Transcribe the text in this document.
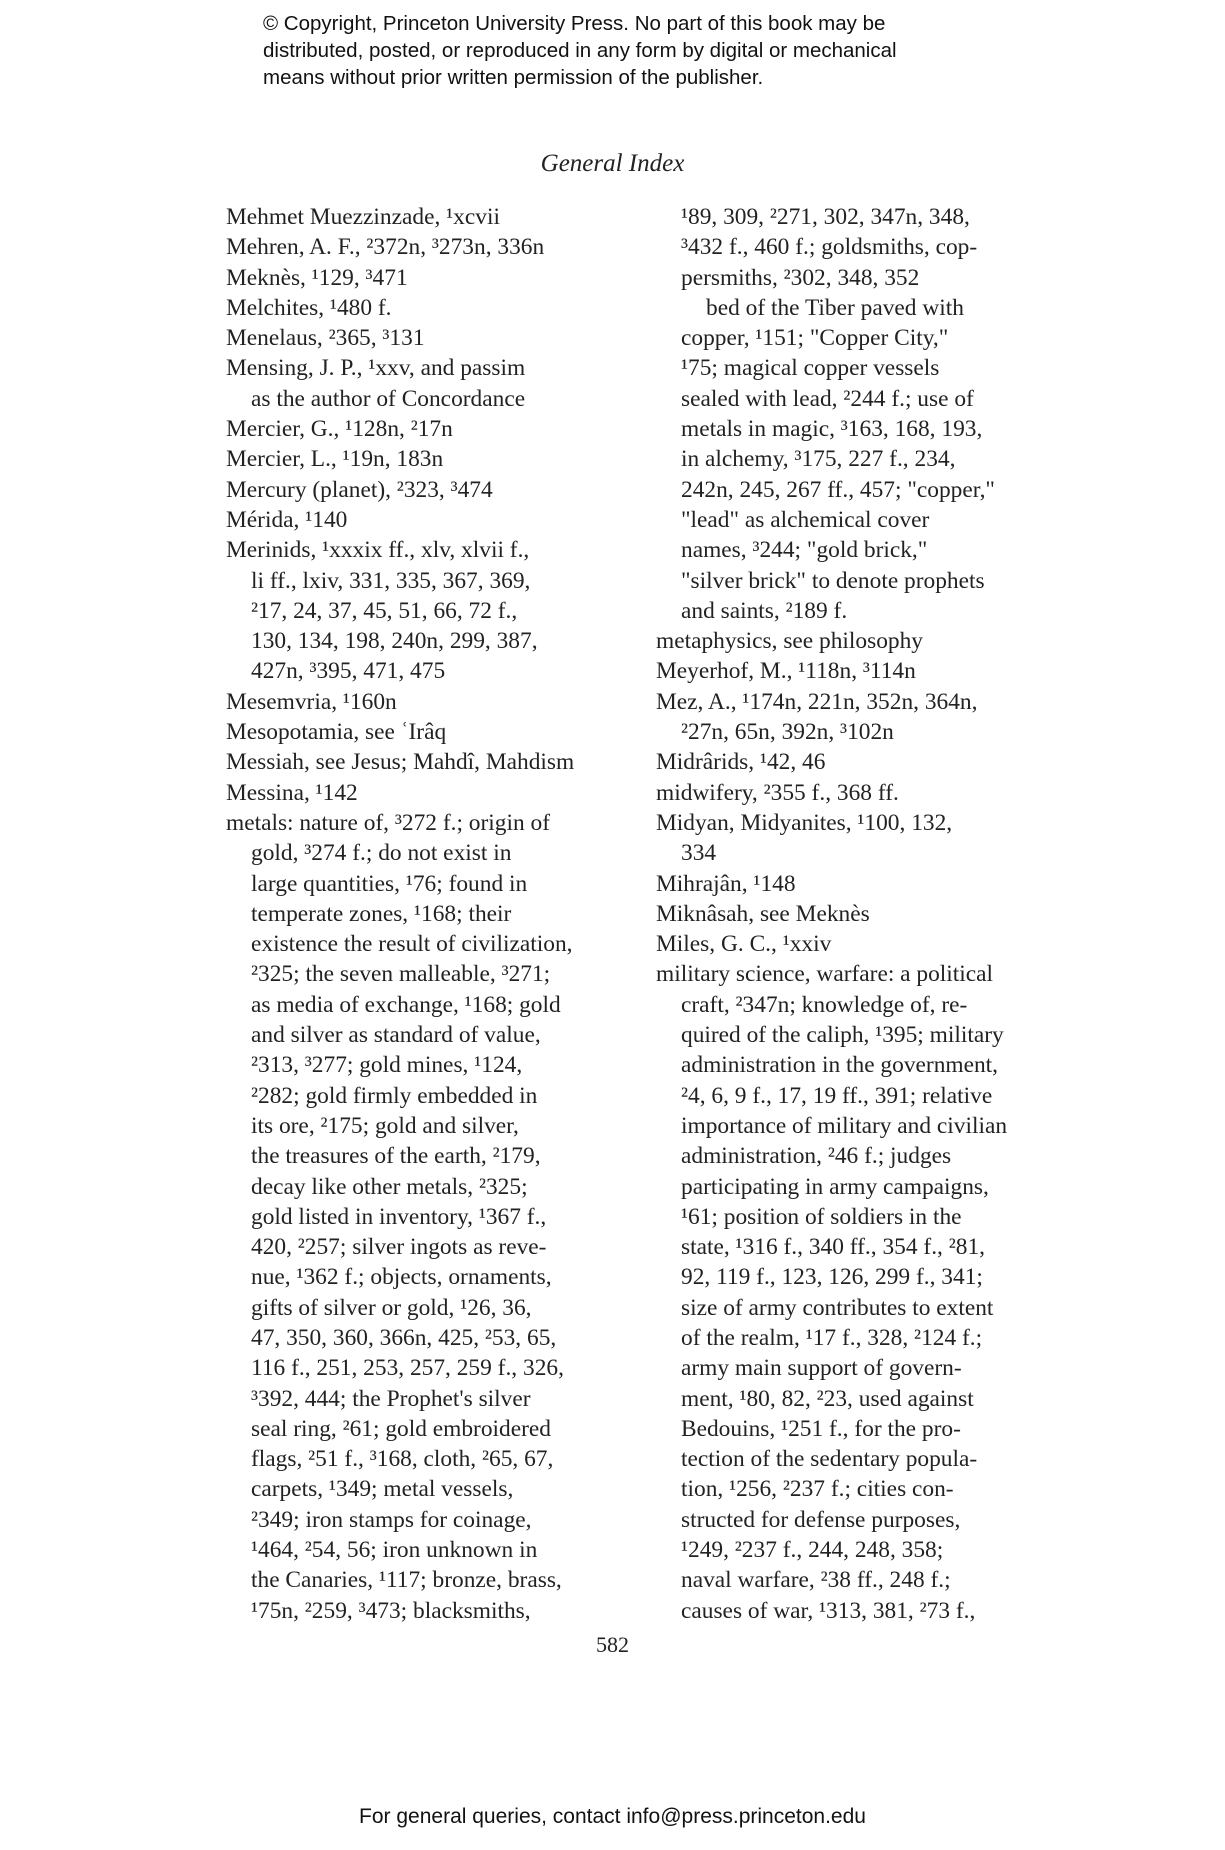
© Copyright, Princeton University Press. No part of this book may be
distributed, posted, or reproduced in any form by digital or mechanical
means without prior written permission of the publisher.
General Index
Mehmet Muezzinzade, ¹xcvii
Mehren, A. F., ²372n, ³273n, 336n
Meknès, ¹129, ³471
Melchites, ¹480 f.
Menelaus, ²365, ³131
Mensing, J. P., ¹xxv, and passim
as the author of Concordance
Mercier, G., ¹128n, ²17n
Mercier, L., ¹19n, 183n
Mercury (planet), ²323, ³474
Mérida, ¹140
Merinids, ¹xxxix ff., xlv, xlvii f.,
li ff., lxiv, 331, 335, 367, 369,
²17, 24, 37, 45, 51, 66, 72 f.,
130, 134, 198, 240n, 299, 387,
427n, ³395, 471, 475
Mesemvria, ¹160n
Mesopotamia, see ʿIrâq
Messiah, see Jesus; Mahdî, Mahdism
Messina, ¹142
metals: nature of, ³272 f.; origin of
gold, ³274 f.; do not exist in
large quantities, ¹76; found in
temperate zones, ¹168; their
existence the result of civilization,
²325; the seven malleable, ³271;
as media of exchange, ¹168; gold
and silver as standard of value,
²313, ³277; gold mines, ¹124,
²282; gold firmly embedded in
its ore, ²175; gold and silver,
the treasures of the earth, ²179,
decay like other metals, ²325;
gold listed in inventory, ¹367 f.,
420, ²257; silver ingots as reve-
nue, ¹362 f.; objects, ornaments,
gifts of silver or gold, ¹26, 36,
47, 350, 360, 366n, 425, ²53, 65,
116 f., 251, 253, 257, 259 f., 326,
³392, 444; the Prophet's silver
seal ring, ²61; gold embroidered
flags, ²51 f., ³168, cloth, ²65, 67,
carpets, ¹349; metal vessels,
²349; iron stamps for coinage,
¹464, ²54, 56; iron unknown in
the Canaries, ¹117; bronze, brass,
¹75n, ²259, ³473; blacksmiths,
¹89, 309, ²271, 302, 347n, 348,
³432 f., 460 f.; goldsmiths, cop-
persmiths, ²302, 348, 352
bed of the Tiber paved with
copper, ¹151; "Copper City,"
¹75; magical copper vessels
sealed with lead, ²244 f.; use of
metals in magic, ³163, 168, 193,
in alchemy, ³175, 227 f., 234,
242n, 245, 267 ff., 457; "copper,"
"lead" as alchemical cover
names, ³244; "gold brick,"
"silver brick" to denote prophets
and saints, ²189 f.
metaphysics, see philosophy
Meyerhof, M., ¹118n, ³114n
Mez, A., ¹174n, 221n, 352n, 364n,
²27n, 65n, 392n, ³102n
Midrârids, ¹42, 46
midwifery, ²355 f., 368 ff.
Midyan, Midyanites, ¹100, 132,
334
Mihrajân, ¹148
Miknâsah, see Meknès
Miles, G. C., ¹xxiv
military science, warfare: a political
craft, ²347n; knowledge of, re-
quired of the caliph, ¹395; military
administration in the government,
²4, 6, 9 f., 17, 19 ff., 391; relative
importance of military and civilian
administration, ²46 f.; judges
participating in army campaigns,
¹61; position of soldiers in the
state, ¹316 f., 340 ff., 354 f., ²81,
92, 119 f., 123, 126, 299 f., 341;
size of army contributes to extent
of the realm, ¹17 f., 328, ²124 f.;
army main support of govern-
ment, ¹80, 82, ²23, used against
Bedouins, ¹251 f., for the pro-
tection of the sedentary popula-
tion, ¹256, ²237 f.; cities con-
structed for defense purposes,
¹249, ²237 f., 244, 248, 358;
naval warfare, ²38 ff., 248 f.;
causes of war, ¹313, 381, ²73 f.,
582
For general queries, contact info@press.princeton.edu
